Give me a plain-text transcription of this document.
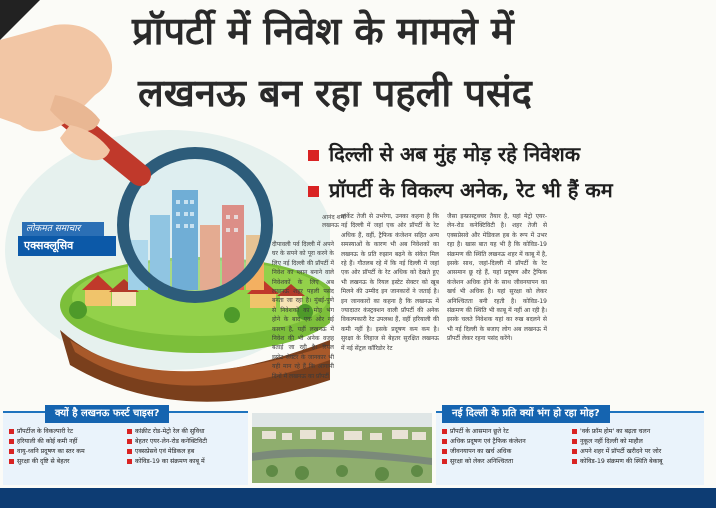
लोकमत समाचार
एक्सक्लूसिव
प्रॉपर्टी में निवेश के मामले में
लखनऊ बन रहा पहली पसंद
दिल्ली से अब मुंह मोड़ रहे निवेशक
प्रॉपर्टी के विकल्प अनेक, रेट भी हैं कम
आनंद शर्मा
लखनऊ
दीपावली पर्व दिल्ली में अपने घर के सपने को पूरा करने के लिए नई दिल्ली की प्रॉपर्टी में निवेश का प्लान बनाने वाले निवेशकों के लिए अब लखनऊ शहर पहली पसंद बनता जा रहा है। मुंबई-पुणे से निवेशकों का मोह भंग होने के बाद एक ओर नई कारण है, यहीं लखनऊ में निवेश की भी अनेक वजह बताई जा रही है। रियल इस्टेट सेक्टर के जानकार भी यही मान रहे हैं कि आगामी दिनों में लखनऊ का प्रॉपर्टी
मार्केट तेजी से उभरेगा, उनका कहना है कि नई दिल्ली में जहां एक ओर प्रॉपर्टी के रेट अधिक हैं, वहीं, ट्रैफिक कंजेशन सहित अन्य समस्याओं के कारण भी अब निवेशकों का लखनऊ के प्रति रुझान बढ़ने के संकेत मिल रहे हैं। गौतलब रहे में कि नई दिल्ली में जहां एक ओर प्रॉपर्टी के रेट अधिक को देखते हुए भी लखनऊ के रियल इस्टेट सेक्टर को खूब मिलने की उम्मीद इन जानकारों ने जताई है। इन जानकारों का कहना है कि लखनऊ में ज्यादातर कंस्ट्रक्शन वाली प्रॉपर्टी की अनेक विकल्पकारी रेट उपलब्ध हैं, वहीं हरियाली की कमी नहीं है। इसके प्रदूषण कम कम है। सुरक्षा के लिहाज से बेहतर सुरक्षित लखनऊ में नई सेंट्रल कॉरिडोर रेट
जैसा इन्फ्रास्ट्रक्चर तैयार है, यहां मेट्रो एयर-लेन-रोड कनेक्टिविटी है। शहर तेजी से एक्सप्रेसवे और मेडिकल हब के रूप में उभर रहा है। खास बात यह भी है कि कोविड-19 संक्रमण की स्थिति लखनऊ शहर में काबू में है, इसके साथ, जहां-दिल्ली में प्रॉपर्टी के रेट आसमान छू रहे हैं, यहां प्रदूषण और ट्रैफिक कंजेशन अधिक होने के साथ जीवनयापन का खर्च भी अधिक है। यहां सुरक्षा को लेकर अनिश्चितता बनी रहती है। कोविड-19 संक्रमण की स्थिति भी काबू में नहीं आ रही है। इसके चलते निवेशक यहां का रुख बदलने से भी नई दिल्ली के बजाए लोग अब लखनऊ में प्रॉपर्टी लेकर रहना पसंद करेंगे।
क्यों है लखनऊ फर्स्ट चाइस?
प्रॉपर्टीज के विकल्पारी रेट
हरियाली की कोई कमी नहीं
वायु-ध्वनि प्रदूषण का स्तर कम
सुरक्षा की दृष्टि से बेहतर
कांक्रीट रोड-मेट्रो रेल की सुविधा
बेहतर एयर-लेन-रोड कनेक्टिविटी
एक्सप्रेसवे एवं मेडिकल हब
कोविड-19 का संक्रमण काबू में
नई दिल्ली के प्रति क्यों भंग हो रहा मोह?
प्रॉपर्टी के आसमान छूते रेट
अधिक प्रदूषण एवं ट्रैफिक कंजेशन
जीवनयापन का खर्च अधिक
सुरक्षा को लेकर अनिश्चितता
'वर्क फ्रॉम होम' का बढ़ता चलन
नुकूल नहीं दिल्ली को माहौल
अपने शहर में प्रॉपर्टी खरीदने पर जोर
कोविड-19 संक्रमण की स्थिति बेकाबू
